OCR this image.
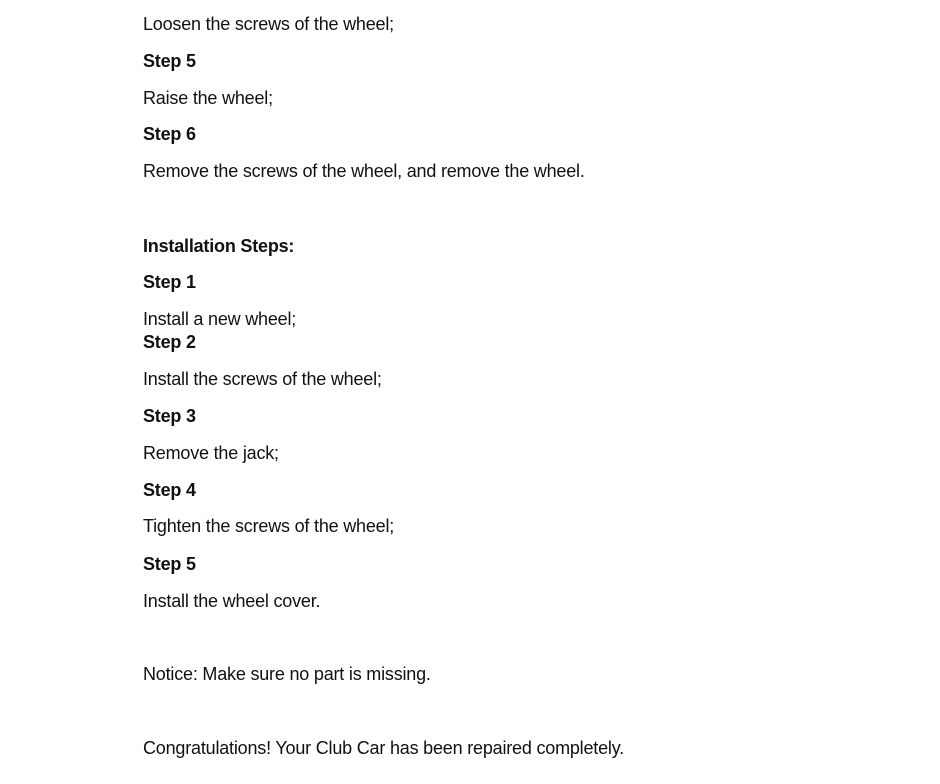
Loosen the screws of the wheel;
Step 5
Raise the wheel;
Step 6
Remove the screws of the wheel, and remove the wheel.
Installation Steps:
Step 1
Install a new wheel;
Step 2
Install the screws of the wheel;
Step 3
Remove the jack;
Step 4
Tighten the screws of the wheel;
Step 5
Install the wheel cover.
Notice: Make sure no part is missing.
Congratulations! Your Club Car has been repaired completely.
